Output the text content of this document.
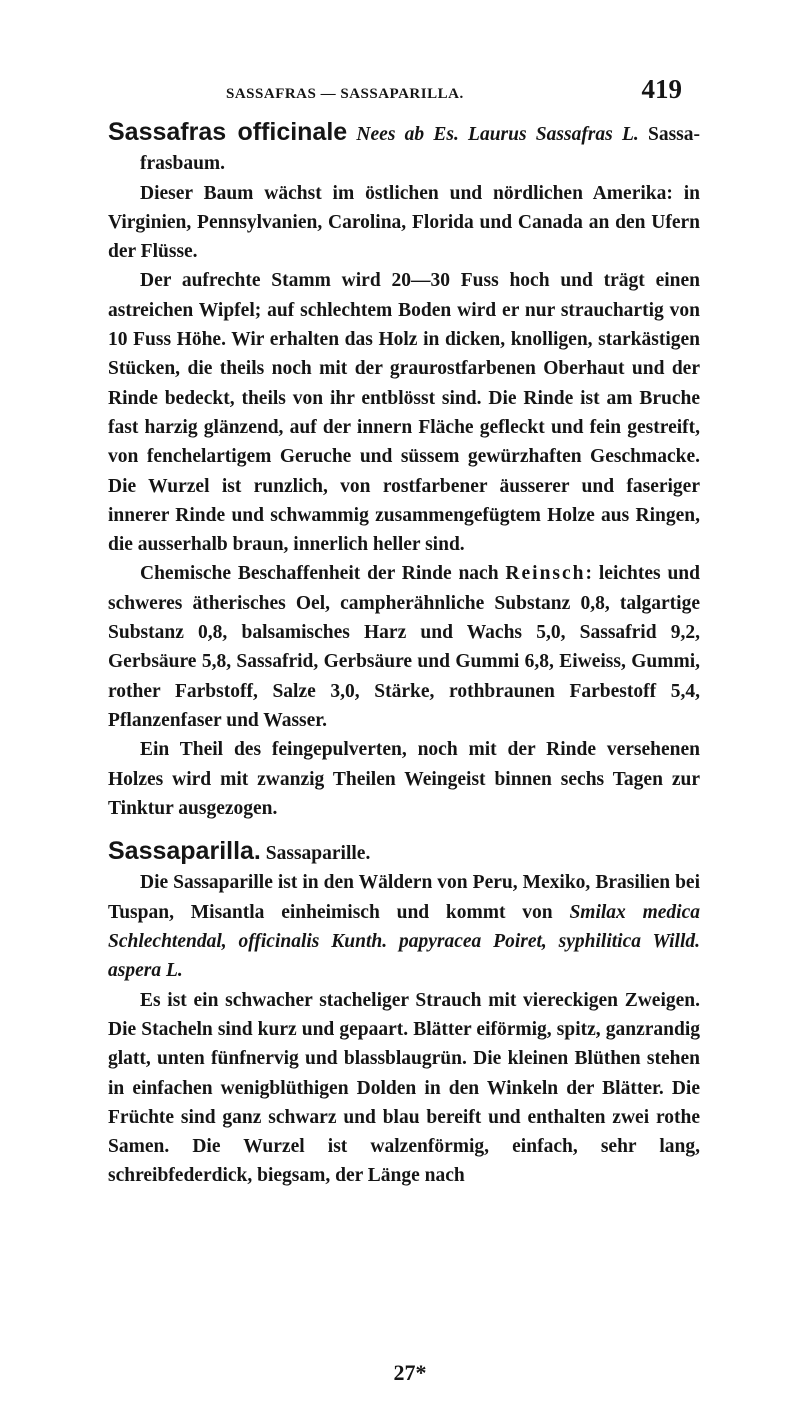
SASSAFRAS — SASSAPARILLA.	419

Sassafras officinale Nees ab Es. Laurus Sassafras L. Sassa-frasbaum.

Dieser Baum wächst im östlichen und nördlichen Amerika: in Virginien, Pennsylvanien, Carolina, Florida und Canada an den Ufern der Flüsse.

Der aufrechte Stamm wird 20—30 Fuss hoch und trägt einen astreichen Wipfel; auf schlechtem Boden wird er nur strauchartig von 10 Fuss Höhe. Wir erhalten das Holz in dicken, knolligen, starkästigen Stücken, die theils noch mit der graurostfarbenen Oberhaut und der Rinde bedeckt, theils von ihr entblösst sind. Die Rinde ist am Bruche fast harzig glänzend, auf der innern Fläche gefleckt und fein gestreift, von fenchelartigem Geruche und süssem gewürzhaften Geschmacke. Die Wurzel ist runzlich, von rostfarbener äusserer und faseriger innerer Rinde und schwammig zusammengefügtem Holze aus Ringen, die ausserhalb braun, innerlich heller sind.

Chemische Beschaffenheit der Rinde nach Reinsch: leichtes und schweres ätherisches Oel, campherähnliche Substanz 0,8, talgartige Substanz 0,8, balsamisches Harz und Wachs 5,0, Sassafrid 9,2, Gerbsäure 5,8, Sassafrid, Gerbsäure und Gummi 6,8, Eiweiss, Gummi, rother Farbstoff, Salze 3,0, Stärke, rothbraunen Farbestoff 5,4, Pflanzenfaser und Wasser.

Ein Theil des feingepulverten, noch mit der Rinde versehenen Holzes wird mit zwanzig Theilen Weingeist binnen sechs Tagen zur Tinktur ausgezogen.

Sassaparilla. Sassaparille.

Die Sassaparille ist in den Wäldern von Peru, Mexiko, Brasilien bei Tuspan, Misantla einheimisch und kommt von Smilax medica Schlechtendal, officinalis Kunth. papyracea Poiret, syphilitica Willd. aspera L.

Es ist ein schwacher stacheliger Strauch mit viereckigen Zweigen. Die Stacheln sind kurz und gepaart. Blätter eiförmig, spitz, ganzrandig glatt, unten fünfnervig und blassblaugrün. Die kleinen Blüthen stehen in einfachen wenigblüthigen Dolden in den Winkeln der Blätter. Die Früchte sind ganz schwarz und blau bereift und enthalten zwei rothe Samen. Die Wurzel ist walzenförmig, einfach, sehr lang, schreibfederdick, biegsam, der Länge nach

27*
